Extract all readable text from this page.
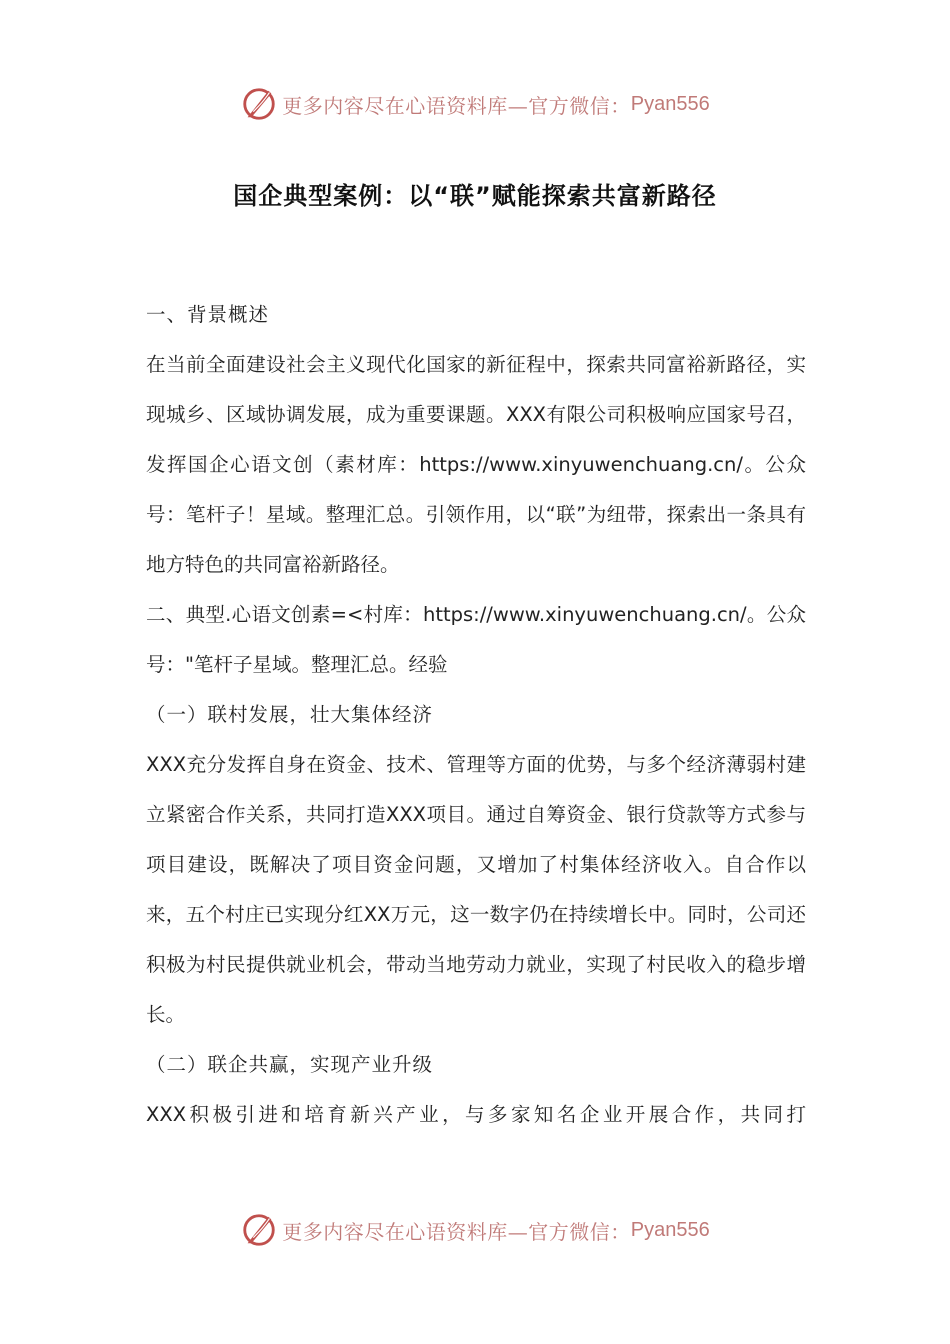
更多内容尽在心语资料库—官方微信： Pyan556
国企典型案例：以“联”赋能探索共富新路径

一、背景概述

在当前全面建设社会主义现代化国家的新征程中，探索共同富裕新路径，实现城乡、区域协调发展，成为重要课题。XXX有限公司积极响应国家号召，发挥国企心语文创（素材库：https://www.xinyuwenchuang.cn/。公众号：笔杆子！星域。整理汇总。引领作用，以“联”为纽带，探索出一条具有地方特色的共同富裕新路径。

二、典型.心语文创素=<村库：https://www.xinyuwenchuang.cn/。公众号："笔杆子星域。整理汇总。经验

（一）联村发展，壮大集体经济

XXX充分发挥自身在资金、技术、管理等方面的优势，与多个经济薄弱村建立紧密合作关系，共同打造XXX项目。通过自筹资金、银行贷款等方式参与项目建设，既解决了项目资金问题，又增加了村集体经济收入。自合作以来，五个村庄已实现分红XX万元，这一数字仍在持续增长中。同时，公司还积极为村民提供就业机会，带动当地劳动力就业，实现了村民收入的稳步增长。

（二）联企共赢，实现产业升级

XXX积极引进和培育新兴产业，与多家知名企业开展合作，共同打

更多内容尽在心语资料库—官方微信： Pyan556
